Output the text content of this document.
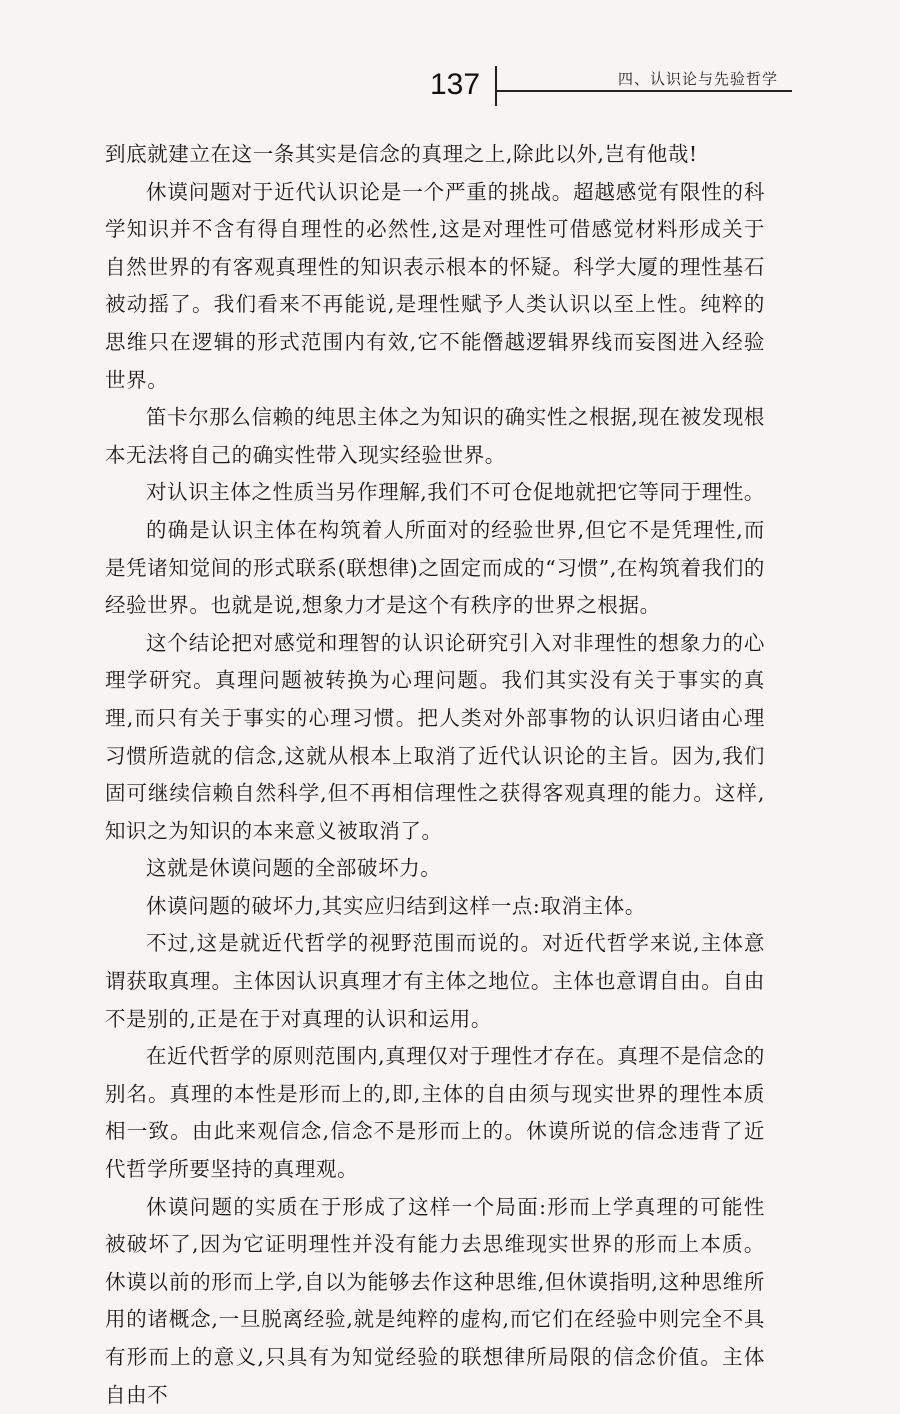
137	四、认识论与先验哲学

到底就建立在这一条其实是信念的真理之上,除此以外,岂有他哉!

休谟问题对于近代认识论是一个严重的挑战。超越感觉有限性的科学知识并不含有得自理性的必然性,这是对理性可借感觉材料形成关于自然世界的有客观真理性的知识表示根本的怀疑。科学大厦的理性基石被动摇了。我们看来不再能说,是理性赋予人类认识以至上性。纯粹的思维只在逻辑的形式范围内有效,它不能僭越逻辑界线而妄图进入经验世界。

笛卡尔那么信赖的纯思主体之为知识的确实性之根据,现在被发现根本无法将自己的确实性带入现实经验世界。

对认识主体之性质当另作理解,我们不可仓促地就把它等同于理性。

的确是认识主体在构筑着人所面对的经验世界,但它不是凭理性,而是凭诸知觉间的形式联系(联想律)之固定而成的“习惯”,在构筑着我们的经验世界。也就是说,想象力才是这个有秩序的世界之根据。

这个结论把对感觉和理智的认识论研究引入对非理性的想象力的心理学研究。真理问题被转换为心理问题。我们其实没有关于事实的真理,而只有关于事实的心理习惯。把人类对外部事物的认识归诸由心理习惯所造就的信念,这就从根本上取消了近代认识论的主旨。因为,我们固可继续信赖自然科学,但不再相信理性之获得客观真理的能力。这样,知识之为知识的本来意义被取消了。

这就是休谟问题的全部破坏力。

休谟问题的破坏力,其实应归结到这样一点:取消主体。

不过,这是就近代哲学的视野范围而说的。对近代哲学来说,主体意谓获取真理。主体因认识真理才有主体之地位。主体也意谓自由。自由不是别的,正是在于对真理的认识和运用。

在近代哲学的原则范围内,真理仅对于理性才存在。真理不是信念的别名。真理的本性是形而上的,即,主体的自由须与现实世界的理性本质相一致。由此来观信念,信念不是形而上的。休谟所说的信念违背了近代哲学所要坚持的真理观。

休谟问题的实质在于形成了这样一个局面:形而上学真理的可能性被破坏了,因为它证明理性并没有能力去思维现实世界的形而上本质。休谟以前的形而上学,自以为能够去作这种思维,但休谟指明,这种思维所用的诸概念,一旦脱离经验,就是纯粹的虚构,而它们在经验中则完全不具有形而上的意义,只具有为知觉经验的联想律所局限的信念价值。主体自由不
